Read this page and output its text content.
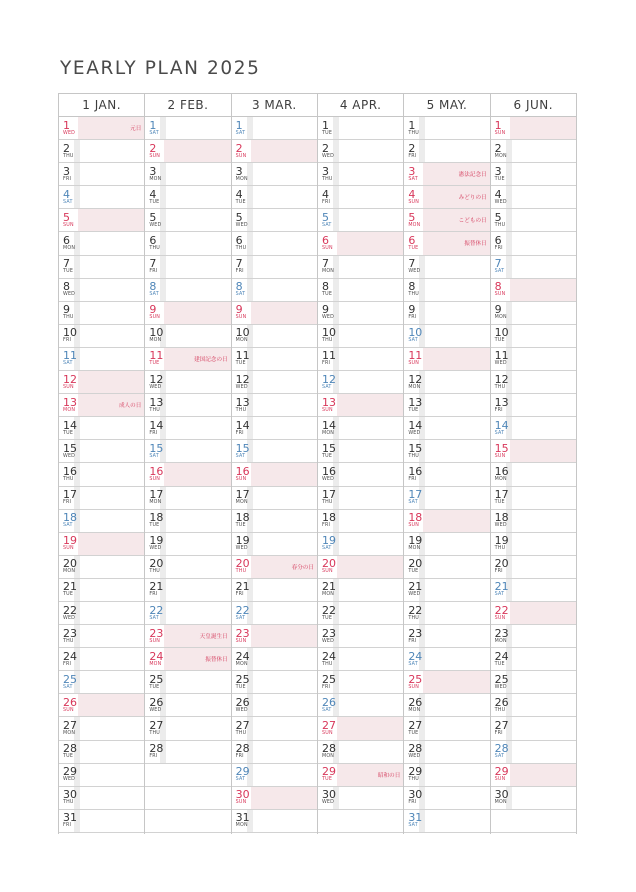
YEARLY PLAN 2025
1 JAN.
1
WED
元日
2
THU
3
FRI
4
SAT
5
SUN
6
MON
7
TUE
8
WED
9
THU
10
FRI
11
SAT
12
SUN
13
MON
成人の日
14
TUE
15
WED
16
THU
17
FRI
18
SAT
19
SUN
20
MON
21
TUE
22
WED
23
THU
24
FRI
25
SAT
26
SUN
27
MON
28
TUE
29
WED
30
THU
31
FRI
2 FEB.
1
SAT
2
SUN
3
MON
4
TUE
5
WED
6
THU
7
FRI
8
SAT
9
SUN
10
MON
11
TUE
建国記念の日
12
WED
13
THU
14
FRI
15
SAT
16
SUN
17
MON
18
TUE
19
WED
20
THU
21
FRI
22
SAT
23
SUN
天皇誕生日
24
MON
振替休日
25
TUE
26
WED
27
THU
28
FRI
3 MAR.
1
SAT
2
SUN
3
MON
4
TUE
5
WED
6
THU
7
FRI
8
SAT
9
SUN
10
MON
11
TUE
12
WED
13
THU
14
FRI
15
SAT
16
SUN
17
MON
18
TUE
19
WED
20
THU
春分の日
21
FRI
22
SAT
23
SUN
24
MON
25
TUE
26
WED
27
THU
28
FRI
29
SAT
30
SUN
31
MON
4 APR.
1
TUE
2
WED
3
THU
4
FRI
5
SAT
6
SUN
7
MON
8
TUE
9
WED
10
THU
11
FRI
12
SAT
13
SUN
14
MON
15
TUE
16
WED
17
THU
18
FRI
19
SAT
20
SUN
21
MON
22
TUE
23
WED
24
THU
25
FRI
26
SAT
27
SUN
28
MON
29
TUE
昭和の日
30
WED
5 MAY.
1
THU
2
FRI
3
SAT
憲法記念日
4
SUN
みどりの日
5
MON
こどもの日
6
TUE
振替休日
7
WED
8
THU
9
FRI
10
SAT
11
SUN
12
MON
13
TUE
14
WED
15
THU
16
FRI
17
SAT
18
SUN
19
MON
20
TUE
21
WED
22
THU
23
FRI
24
SAT
25
SUN
26
MON
27
TUE
28
WED
29
THU
30
FRI
31
SAT
6 JUN.
1
SUN
2
MON
3
TUE
4
WED
5
THU
6
FRI
7
SAT
8
SUN
9
MON
10
TUE
11
WED
12
THU
13
FRI
14
SAT
15
SUN
16
MON
17
TUE
18
WED
19
THU
20
FRI
21
SAT
22
SUN
23
MON
24
TUE
25
WED
26
THU
27
FRI
28
SAT
29
SUN
30
MON
